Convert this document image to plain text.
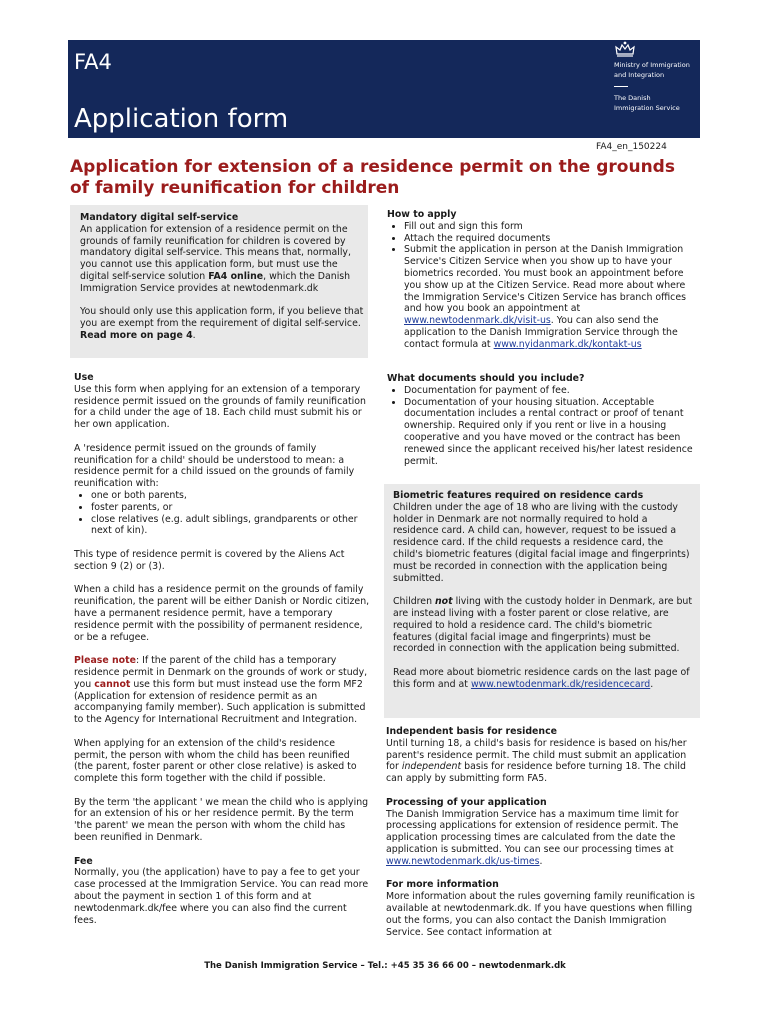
FA4
Application form
Ministry of Immigration
and Integration
The Danish
Immigration Service
FA4_en_150224
Application for extension of a residence permit on the grounds of family reunification for children

Mandatory digital self-service

An application for extension of a residence permit on the grounds of family reunification for children is covered by mandatory digital self-service. This means that, normally, you cannot use this application form, but must use the digital self-service solution FA4 online, which the Danish Immigration Service provides at newtodenmark.dk

You should only use this application form, if you believe that you are exempt from the requirement of digital self-service. Read more on page 4.

Use

Use this form when applying for an extension of a temporary residence permit issued on the grounds of family reunification for a child under the age of 18. Each child must submit his or her own application.

A 'residence permit issued on the grounds of family reunification for a child' should be understood to mean: a residence permit for a child issued on the grounds of family reunification with:

• one or both parents,
• foster parents, or
• close relatives (e.g. adult siblings, grandparents or other next of kin).

This type of residence permit is covered by the Aliens Act section 9 (2) or (3).

When a child has a residence permit on the grounds of family reunification, the parent will be either Danish or Nordic citizen, have a permanent residence permit, have a temporary residence permit with the possibility of permanent residence, or be a refugee.

Please note: If the parent of the child has a temporary residence permit in Denmark on the grounds of work or study, you cannot use this form but must instead use the form MF2 (Application for extension of residence permit as an accompanying family member). Such application is submitted to the Agency for International Recruitment and Integration.

When applying for an extension of the child's residence permit, the person with whom the child has been reunified (the parent, foster parent or other close relative) is asked to complete this form together with the child if possible.

By the term 'the applicant ' we mean the child who is applying for an extension of his or her residence permit. By the term 'the parent' we mean the person with whom the child has been reunified in Denmark.

Fee

Normally, you (the application) have to pay a fee to get your case processed at the Immigration Service. You can read more about the payment in section 1 of this form and at newtodenmark.dk/fee where you can also find the current fees.

How to apply

• Fill out and sign this form
• Attach the required documents
• Submit the application in person at the Danish Immigration Service's Citizen Service when you show up to have your biometrics recorded. You must book an appointment before you show up at the Citizen Service. Read more about where the Immigration Service's Citizen Service has branch offices and how you book an appointment at www.newtodenmark.dk/visit-us. You can also send the application to the Danish Immigration Service through the contact formula at www.nyidanmark.dk/kontakt-us

What documents should you include?

• Documentation for payment of fee.
• Documentation of your housing situation. Acceptable documentation includes a rental contract or proof of tenant ownership. Required only if you rent or live in a housing cooperative and you have moved or the contract has been renewed since the applicant received his/her latest residence permit.

Biometric features required on residence cards

Children under the age of 18 who are living with the custody holder in Denmark are not normally required to hold a residence card. A child can, however, request to be issued a residence card. If the child requests a residence card, the child's biometric features (digital facial image and fingerprints) must be recorded in connection with the application being submitted.

Children not living with the custody holder in Denmark, are but are instead living with a foster parent or close relative, are required to hold a residence card. The child's biometric features (digital facial image and fingerprints) must be recorded in connection with the application being submitted.

Read more about biometric residence cards on the last page of this form and at www.newtodenmark.dk/residencecard.

Independent basis for residence

Until turning 18, a child's basis for residence is based on his/her parent's residence permit. The child must submit an application for independent basis for residence before turning 18. The child can apply by submitting form FA5.

Processing of your application

The Danish Immigration Service has a maximum time limit for processing applications for extension of residence permit. The application processing times are calculated from the date the application is submitted. You can see our processing times at www.newtodenmark.dk/us-times.

For more information

More information about the rules governing family reunification is available at newtodenmark.dk. If you have questions when filling out the forms, you can also contact the Danish Immigration Service. See contact information at

The Danish Immigration Service – Tel.: +45 35 36 66 00 – newtodenmark.dk
